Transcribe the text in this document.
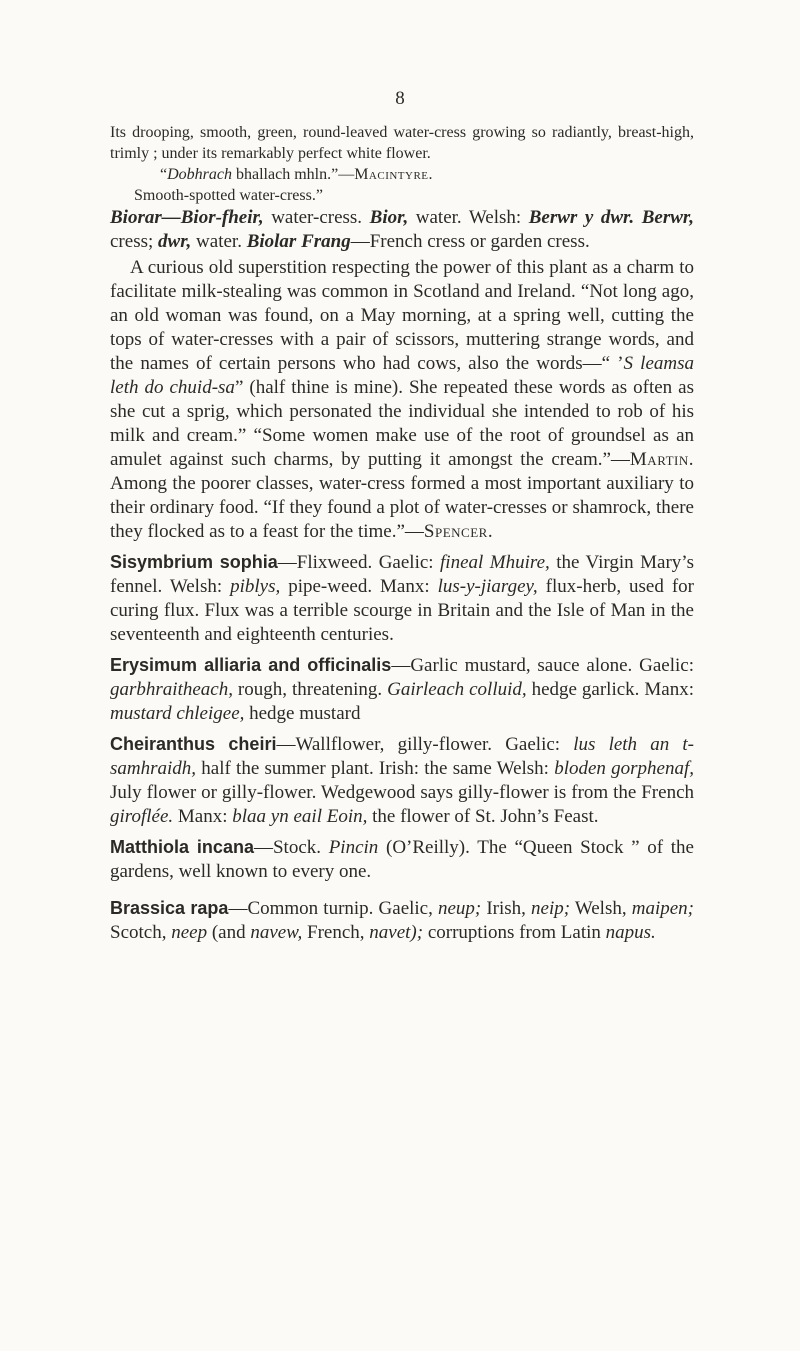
8

Its drooping, smooth, green, round-leaved water-cress growing so radiantly, breast-high, trimly ; under its remarkably perfect white flower.

“Dobhrach bhallach mhln.”—Macintyre.

Smooth-spotted water-cress.”

Biorar—Bior-fheir, water-cress. Bior, water. Welsh: Berwr y dwr. Berwr, cress; dwr, water. Biolar Frang—French cress or garden cress.

A curious old superstition respecting the power of this plant as a charm to facilitate milk-stealing was common in Scotland and Ireland. “Not long ago, an old woman was found, on a May morning, at a spring well, cutting the tops of water-cresses with a pair of scissors, muttering strange words, and the names of certain persons who had cows, also the words—“ ’S leamsa leth do chuid-sa” (half thine is mine). She repeated these words as often as she cut a sprig, which personated the individual she intended to rob of his milk and cream.” “Some women make use of the root of groundsel as an amulet against such charms, by putting it amongst the cream.”—Martin. Among the poorer classes, water-cress formed a most important auxiliary to their ordinary food. “If they found a plot of water-cresses or shamrock, there they flocked as to a feast for the time.”—Spencer.

Sisymbrium sophia—Flixweed. Gaelic: fineal Mhuire, the Virgin Mary’s fennel. Welsh: piblys, pipe-weed. Manx: lus-y-jiargey, flux-herb, used for curing flux. Flux was a terrible scourge in Britain and the Isle of Man in the seventeenth and eighteenth centuries.

Erysimum alliaria and officinalis—Garlic mustard, sauce alone. Gaelic: garbhraitheach, rough, threatening. Gairleach colluid, hedge garlick. Manx: mustard chleigee, hedge mustard

Cheiranthus cheiri—Wallflower, gilly-flower. Gaelic: lus leth an t-samhraidh, half the summer plant. Irish: the same Welsh: bloden gorphenaf, July flower or gilly-flower. Wedgewood says gilly-flower is from the French giroflée. Manx: blaa yn eail Eoin, the flower of St. John’s Feast.

Matthiola incana—Stock. Pincin (O’Reilly). The “Queen Stock ” of the gardens, well known to every one.

Brassica rapa—Common turnip. Gaelic, neup; Irish, neip; Welsh, maipen; Scotch, neep (and navew, French, navet); corruptions from Latin napus.
